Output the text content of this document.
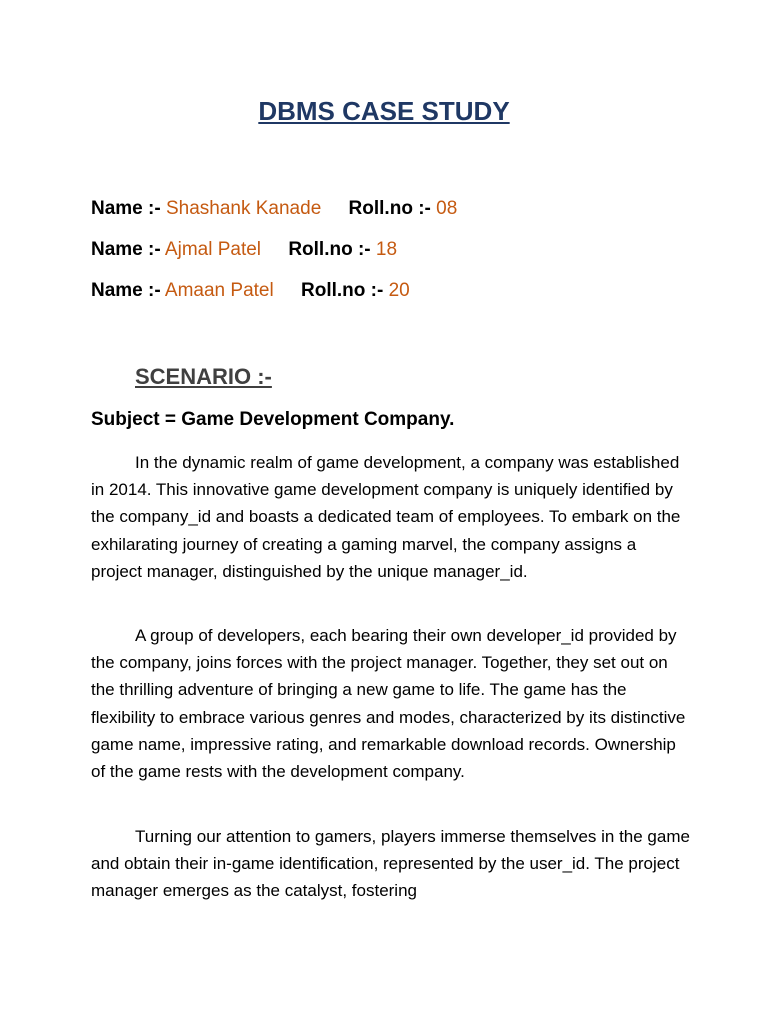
DBMS CASE STUDY
Name :- Shashank Kanade Roll.no :- 08
Name :- Ajmal Patel Roll.no :- 18
Name :- Amaan Patel Roll.no :- 20
SCENARIO :-
Subject = Game Development Company.

In the dynamic realm of game development, a company was established in 2014. This innovative game development company is uniquely identified by the company_id and boasts a dedicated team of employees. To embark on the exhilarating journey of creating a gaming marvel, the company assigns a project manager, distinguished by the unique manager_id.

A group of developers, each bearing their own developer_id provided by the company, joins forces with the project manager. Together, they set out on the thrilling adventure of bringing a new game to life. The game has the flexibility to embrace various genres and modes, characterized by its distinctive game name, impressive rating, and remarkable download records. Ownership of the game rests with the development company.

Turning our attention to gamers, players immerse themselves in the game and obtain their in-game identification, represented by the user_id. The project manager emerges as the catalyst, fostering
